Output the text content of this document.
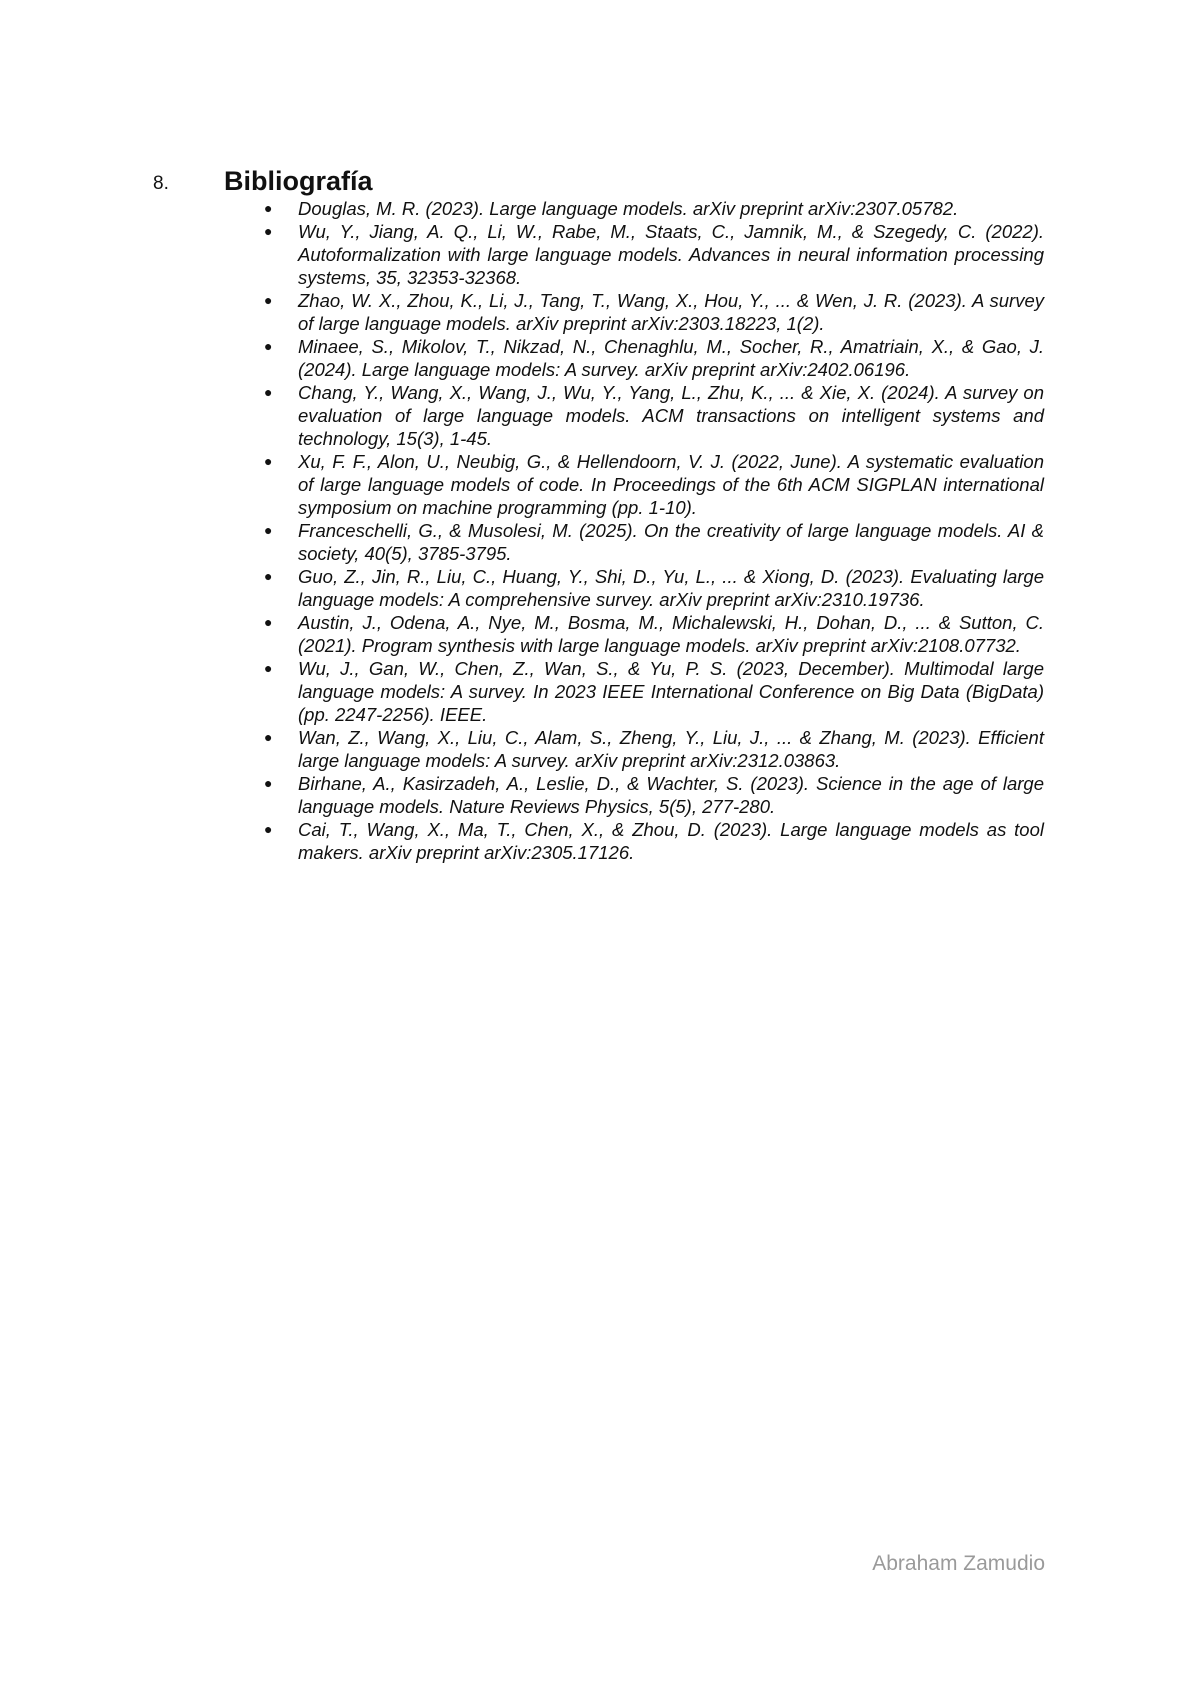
8. Bibliografía
● Douglas, M. R. (2023). Large language models. arXiv preprint arXiv:2307.05782.
● Wu, Y., Jiang, A. Q., Li, W., Rabe, M., Staats, C., Jamnik, M., & Szegedy, C. (2022). Autoformalization with large language models. Advances in neural information processing systems, 35, 32353-32368.
● Zhao, W. X., Zhou, K., Li, J., Tang, T., Wang, X., Hou, Y., ... & Wen, J. R. (2023). A survey of large language models. arXiv preprint arXiv:2303.18223, 1(2).
● Minaee, S., Mikolov, T., Nikzad, N., Chenaghlu, M., Socher, R., Amatriain, X., & Gao, J. (2024). Large language models: A survey. arXiv preprint arXiv:2402.06196.
● Chang, Y., Wang, X., Wang, J., Wu, Y., Yang, L., Zhu, K., ... & Xie, X. (2024). A survey on evaluation of large language models. ACM transactions on intelligent systems and technology, 15(3), 1-45.
● Xu, F. F., Alon, U., Neubig, G., & Hellendoorn, V. J. (2022, June). A systematic evaluation of large language models of code. In Proceedings of the 6th ACM SIGPLAN international symposium on machine programming (pp. 1-10).
● Franceschelli, G., & Musolesi, M. (2025). On the creativity of large language models. AI & society, 40(5), 3785-3795.
● Guo, Z., Jin, R., Liu, C., Huang, Y., Shi, D., Yu, L., ... & Xiong, D. (2023). Evaluating large language models: A comprehensive survey. arXiv preprint arXiv:2310.19736.
● Austin, J., Odena, A., Nye, M., Bosma, M., Michalewski, H., Dohan, D., ... & Sutton, C. (2021). Program synthesis with large language models. arXiv preprint arXiv:2108.07732.
● Wu, J., Gan, W., Chen, Z., Wan, S., & Yu, P. S. (2023, December). Multimodal large language models: A survey. In 2023 IEEE International Conference on Big Data (BigData) (pp. 2247-2256). IEEE.
● Wan, Z., Wang, X., Liu, C., Alam, S., Zheng, Y., Liu, J., ... & Zhang, M. (2023). Efficient large language models: A survey. arXiv preprint arXiv:2312.03863.
● Birhane, A., Kasirzadeh, A., Leslie, D., & Wachter, S. (2023). Science in the age of large language models. Nature Reviews Physics, 5(5), 277-280.
● Cai, T., Wang, X., Ma, T., Chen, X., & Zhou, D. (2023). Large language models as tool makers. arXiv preprint arXiv:2305.17126.
Abraham Zamudio
